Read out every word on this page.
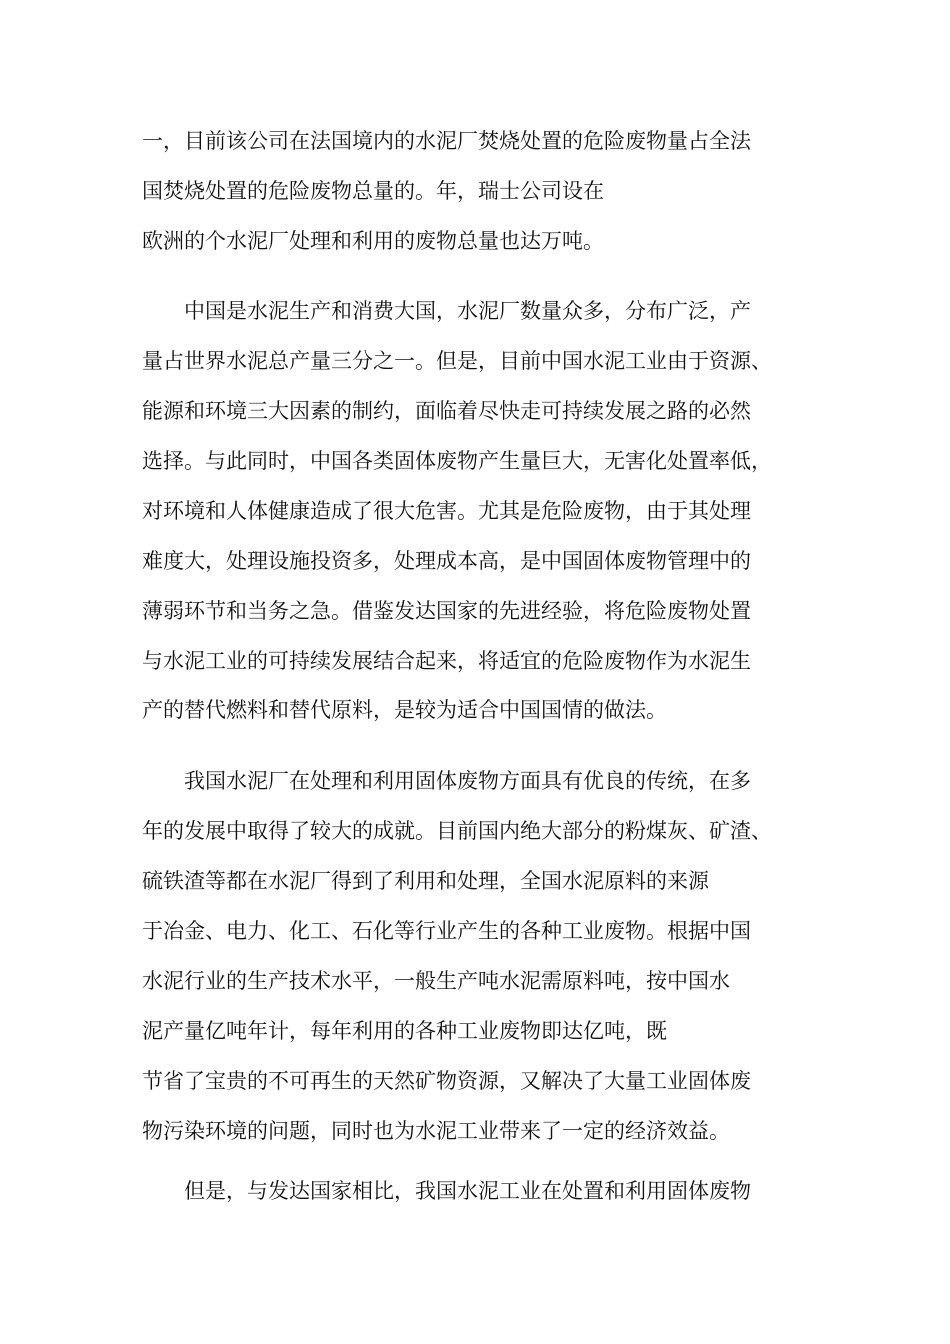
一，目前该公司在法国境内的水泥厂焚烧处置的危险废物量占全法

国焚烧处置的危险废物总量的。年，瑞士公司设在

欧洲的个水泥厂处理和利用的废物总量也达万吨。

　　中国是水泥生产和消费大国，水泥厂数量众多，分布广泛，产

量占世界水泥总产量三分之一。但是，目前中国水泥工业由于资源、

能源和环境三大因素的制约，面临着尽快走可持续发展之路的必然

选择。与此同时，中国各类固体废物产生量巨大，无害化处置率低，

对环境和人体健康造成了很大危害。尤其是危险废物，由于其处理

难度大，处理设施投资多，处理成本高，是中国固体废物管理中的

薄弱环节和当务之急。借鉴发达国家的先进经验，将危险废物处置

与水泥工业的可持续发展结合起来，将适宜的危险废物作为水泥生

产的替代燃料和替代原料，是较为适合中国国情的做法。

　　我国水泥厂在处理和利用固体废物方面具有优良的传统，在多

年的发展中取得了较大的成就。目前国内绝大部分的粉煤灰、矿渣、

硫铁渣等都在水泥厂得到了利用和处理，全国水泥原料的来源

于冶金、电力、化工、石化等行业产生的各种工业废物。根据中国

水泥行业的生产技术水平，一般生产吨水泥需原料吨，按中国水

泥产量亿吨年计，每年利用的各种工业废物即达亿吨，既

节省了宝贵的不可再生的天然矿物资源，又解决了大量工业固体废

物污染环境的问题，同时也为水泥工业带来了一定的经济效益。

　　但是，与发达国家相比，我国水泥工业在处置和利用固体废物
